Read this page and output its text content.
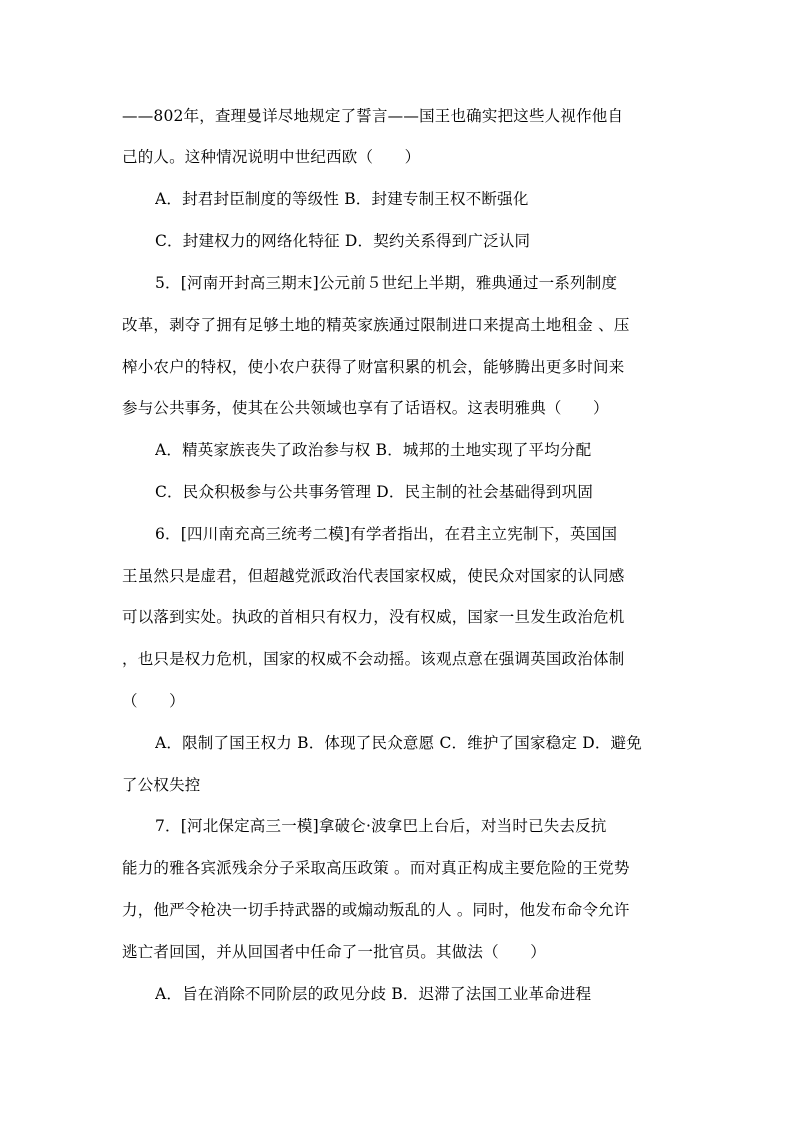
——802年，查理曼详尽地规定了誓言——国王也确实把这些人视作他自
己的人。这种情况说明中世纪西欧（　　）
A．封君封臣制度的等级性 B．封建专制王权不断强化
C．封建权力的网络化特征 D．契约关系得到广泛认同
5．[河南开封高三期末]公元前５世纪上半期，雅典通过一系列制度
改革，剥夺了拥有足够土地的精英家族通过限制进口来提高土地租金 、压
榨小农户的特权，使小农户获得了财富积累的机会，能够腾出更多时间来
参与公共事务，使其在公共领域也享有了话语权。这表明雅典（　　）
A．精英家族丧失了政治参与权 B．城邦的土地实现了平均分配
C．民众积极参与公共事务管理 D．民主制的社会基础得到巩固
6．[四川南充高三统考二模]有学者指出，在君主立宪制下，英国国
王虽然只是虚君，但超越党派政治代表国家权威，使民众对国家的认同感
可以落到实处。执政的首相只有权力，没有权威，国家一旦发生政治危机
，也只是权力危机，国家的权威不会动摇。该观点意在强调英国政治体制
（　　）
A．限制了国王权力 B．体现了民众意愿 C．维护了国家稳定 D．避免
了公权失控
7．[河北保定高三一模]拿破仑·波拿巴上台后，对当时已失去反抗
能力的雅各宾派残余分子采取高压政策 。而对真正构成主要危险的王党势
力，他严令枪决一切手持武器的或煽动叛乱的人 。同时，他发布命令允许
逃亡者回国，并从回国者中任命了一批官员。其做法（　　）
A．旨在消除不同阶层的政见分歧 B．迟滞了法国工业革命进程
